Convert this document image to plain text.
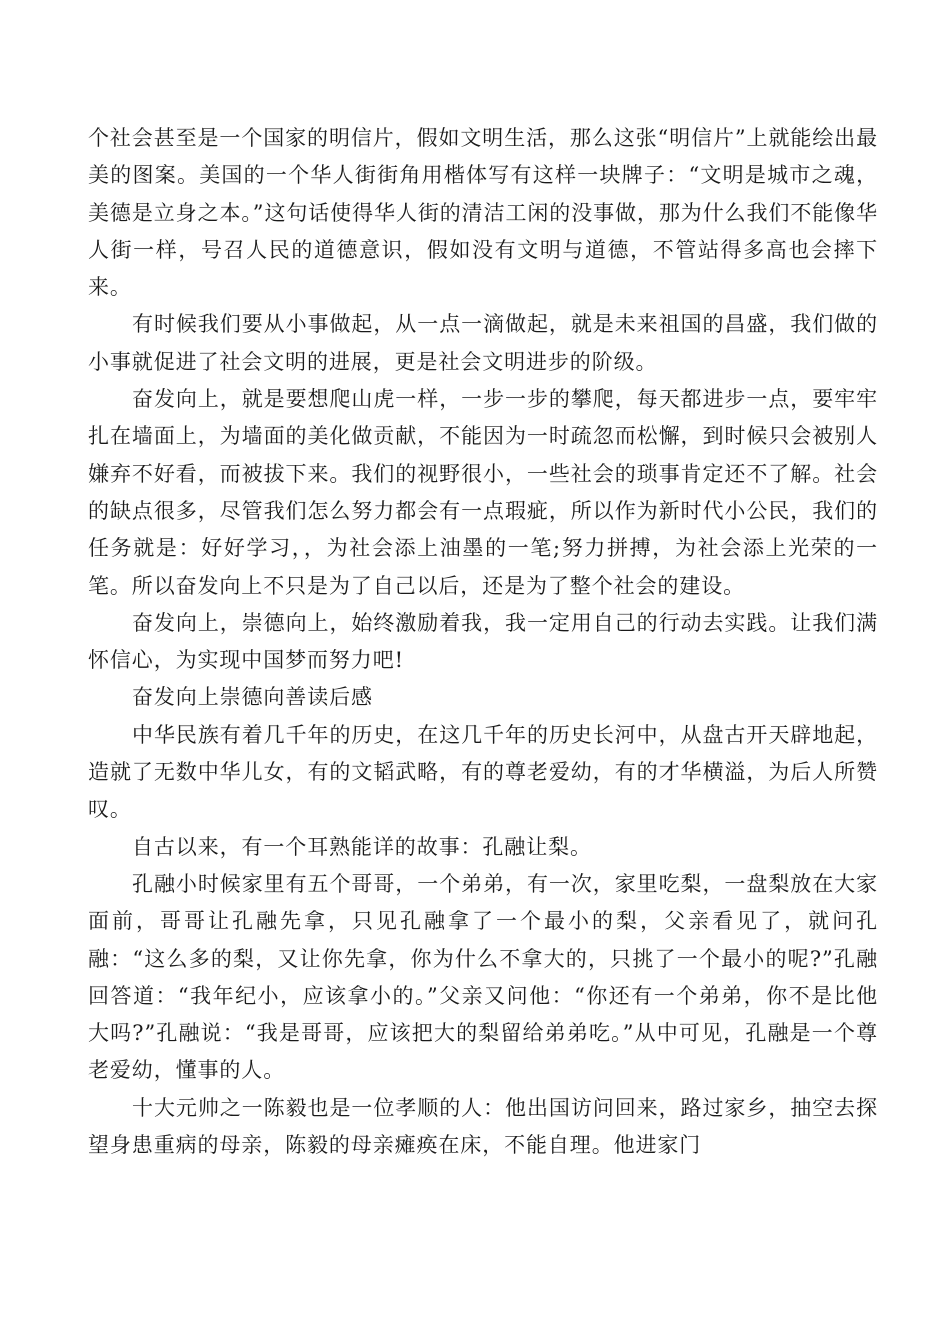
个社会甚至是一个国家的明信片，假如文明生活，那么这张“明信片”上就能绘出最美的图案。美国的一个华人街街角用楷体写有这样一块牌子：“文明是城市之魂，美德是立身之本。”这句话使得华人街的清洁工闲的没事做，那为什么我们不能像华人街一样，号召人民的道德意识，假如没有文明与道德，不管站得多高也会摔下来。

有时候我们要从小事做起，从一点一滴做起，就是未来祖国的昌盛，我们做的小事就促进了社会文明的进展，更是社会文明进步的阶级。

奋发向上，就是要想爬山虎一样，一步一步的攀爬，每天都进步一点，要牢牢扎在墙面上，为墙面的美化做贡献，不能因为一时疏忽而松懈，到时候只会被别人嫌弃不好看，而被拔下来。我们的视野很小，一些社会的琐事肯定还不了解。社会的缺点很多，尽管我们怎么努力都会有一点瑕疵，所以作为新时代小公民，我们的任务就是：好好学习，，为社会添上油墨的一笔;努力拼搏，为社会添上光荣的一笔。所以奋发向上不只是为了自己以后，还是为了整个社会的建设。

奋发向上，崇德向上，始终激励着我，我一定用自己的行动去实践。让我们满怀信心，为实现中国梦而努力吧!

奋发向上崇德向善读后感

中华民族有着几千年的历史，在这几千年的历史长河中，从盘古开天辟地起，造就了无数中华儿女，有的文韬武略，有的尊老爱幼，有的才华横溢，为后人所赞叹。

自古以来，有一个耳熟能详的故事：孔融让梨。

孔融小时候家里有五个哥哥，一个弟弟，有一次，家里吃梨，一盘梨放在大家面前，哥哥让孔融先拿，只见孔融拿了一个最小的梨，父亲看见了，就问孔融：“这么多的梨，又让你先拿，你为什么不拿大的，只挑了一个最小的呢?”孔融回答道：“我年纪小，应该拿小的。”父亲又问他：“你还有一个弟弟，你不是比他大吗?”孔融说：“我是哥哥，应该把大的梨留给弟弟吃。”从中可见，孔融是一个尊老爱幼，懂事的人。

十大元帅之一陈毅也是一位孝顺的人：他出国访问回来，路过家乡，抽空去探望身患重病的母亲，陈毅的母亲瘫痪在床，不能自理。他进家门
